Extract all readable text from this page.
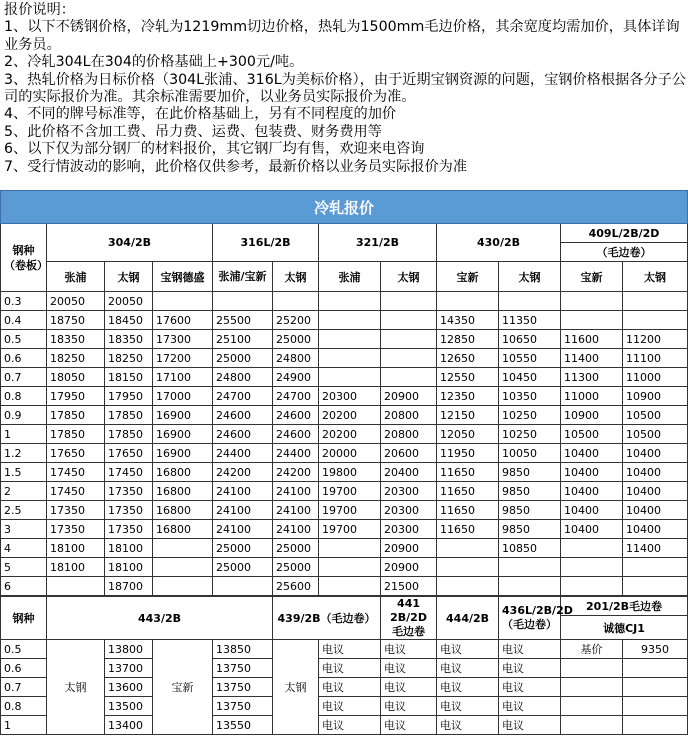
报价说明：
1、以下不锈钢价格，冷轧为1219mm切边价格，热轧为1500mm毛边价格，其余宽度均需加价，具体详询业务员。
2、冷轧304L在304的价格基础上+300元/吨。
3、热轧价格为日标价格（304L张浦、316L为美标价格），由于近期宝钢资源的问题，宝钢价格根据各分子公司的实际报价为准。其余标准需要加价，以业务员实际报价为准。
4、不同的牌号标准等，在此价格基础上，另有不同程度的加价
5、此价格不含加工费、吊力费、运费、包装费、财务费用等
6、以下仅为部分钢厂的材料报价，其它钢厂均有售，欢迎来电咨询
7、受行情波动的影响，此价格仅供参考，最新价格以业务员实际报价为准
冷轧报价											
钢种（卷板）	304/2B			316L/2B		321/2B		430/2B		409L/2B/2D	
										（毛边卷）	
	张浦	太钢	宝钢德盛	张浦/宝新	太钢	张浦	太钢	宝新	太钢	宝新	太钢
0.3	20050	20050									
0.4	18750	18450	17600	25500	25200			14350	11350		
0.5	18350	18350	17300	25100	25000			12850	10650	11600	11200
0.6	18250	18250	17200	25000	24800			12650	10550	11400	11100
0.7	18050	18150	17100	24800	24900			12550	10450	11300	11000
0.8	17950	17950	17000	24700	24700	20300	20900	12350	10350	11000	10900
0.9	17850	17850	16900	24600	24600	20200	20800	12150	10250	10900	10500
1	17850	17850	16900	24600	24600	20200	20800	12050	10250	10500	10500
1.2	17650	17650	16900	24400	24400	20000	20600	11950	10050	10400	10400
1.5	17450	17450	16800	24200	24200	19800	20400	11650	9850	10400	10400
2	17450	17350	16800	24100	24100	19700	20300	11650	9850	10400	10400
2.5	17350	17350	16800	24100	24100	19700	20300	11650	9850	10400	10400
3	17350	17350	16800	24100	24100	19700	20300	11650	9850	10400	10400
4	18100	18100		25000	25000		20900		10850		11400
5	18100	18100		25000	25000		20900				
6		18700			25600		21500				
钢种	443/2B				439/2B（毛边卷）		441 2B/2D 毛边卷	444/2B	436L/2B/2D（毛边卷）	201/2B毛边卷	
										诚德CJ1	
0.5	太钢	13800	宝新	13850	太钢	电议	电议	电议	电议	基价	9350
0.6		13700		13750		电议	电议	电议	电议		
0.7		13600		13750		电议	电议	电议	电议		
0.8		13500		13750		电议	电议	电议	电议		
1		13400		13550		电议	电议	电议	电议		
